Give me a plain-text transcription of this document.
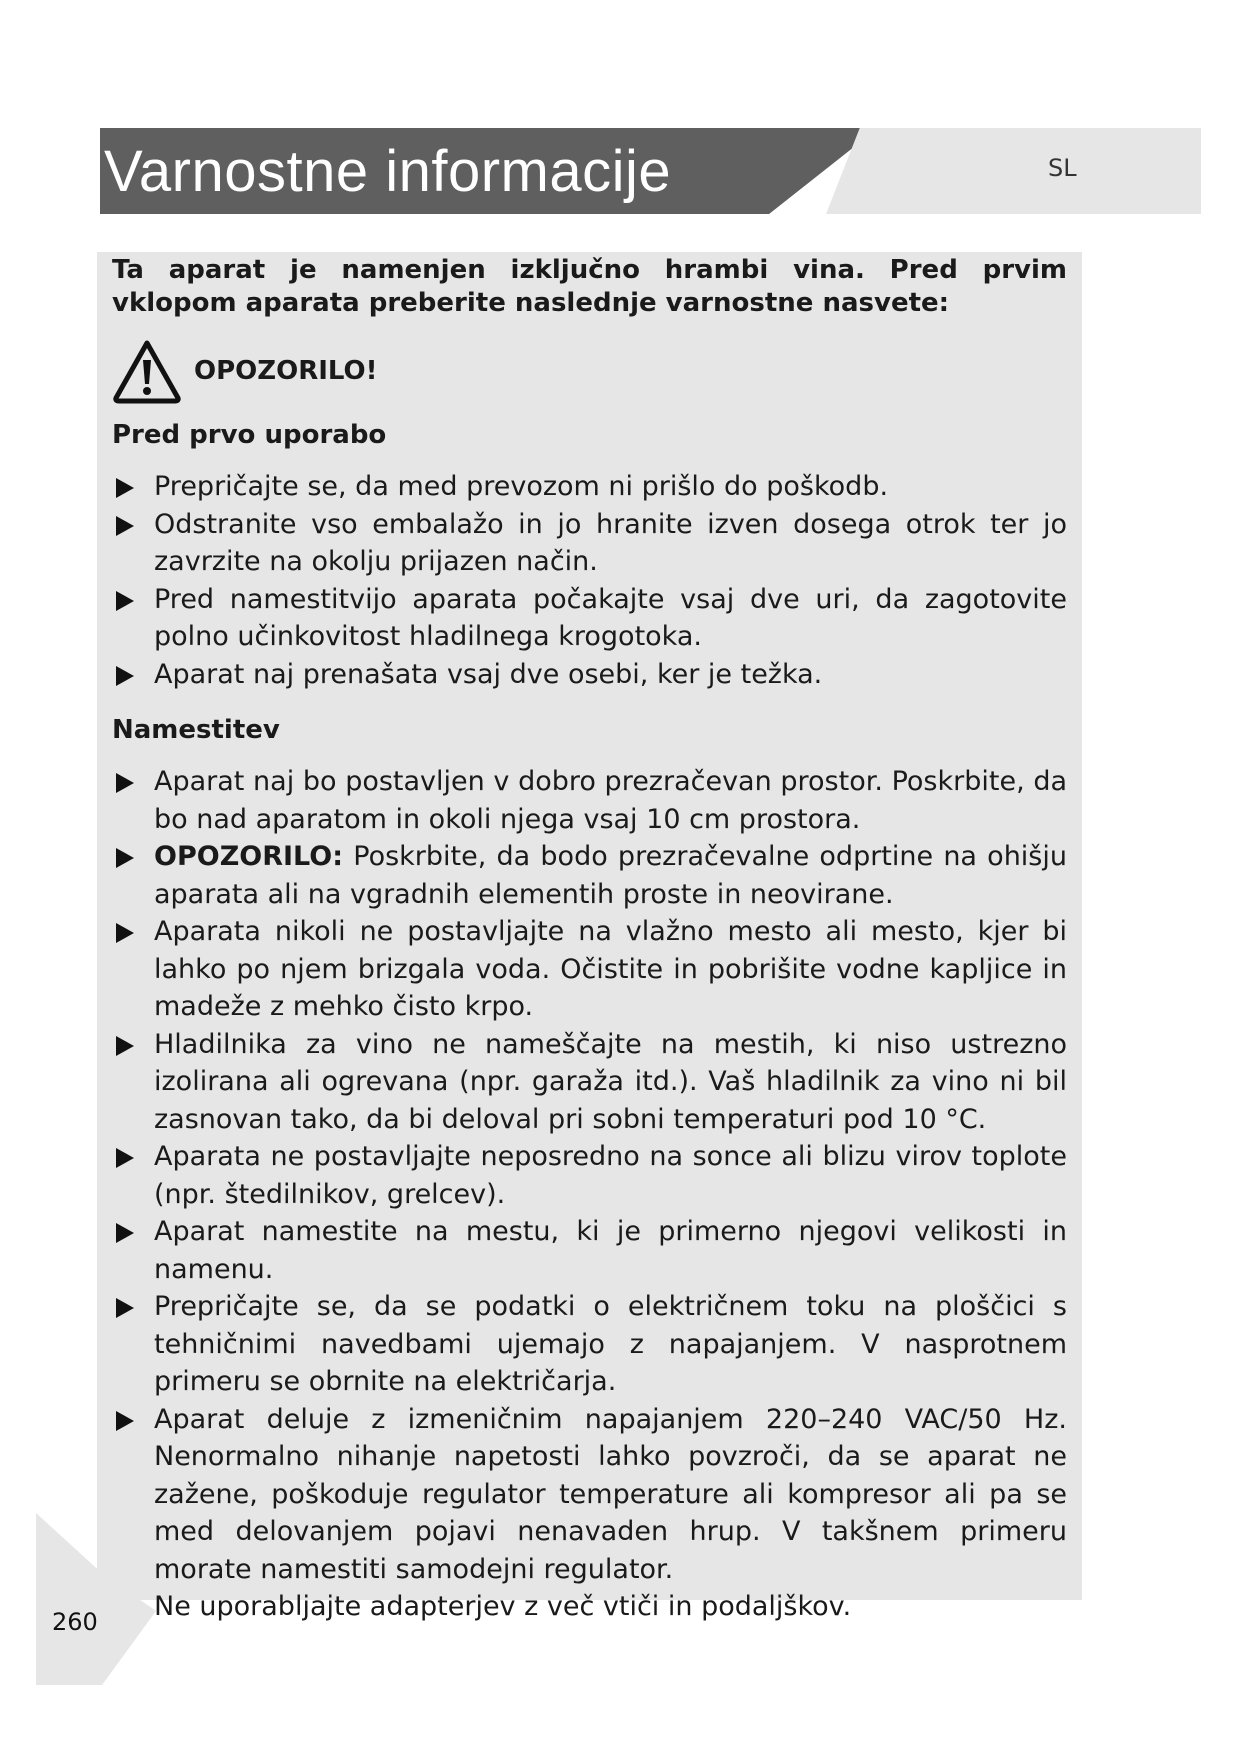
Varnostne informacije	SL

Ta aparat je namenjen izključno hrambi vina. Pred prvim vklopom aparata preberite naslednje varnostne nasvete:

OPOZORILO!
Pred prvo uporabo
Prepričajte se, da med prevozom ni prišlo do poškodb.
Odstranite vso embalažo in jo hranite izven dosega otrok ter jo zavrzite na okolju prijazen način.
Pred namestitvijo aparata počakajte vsaj dve uri, da zagotovite polno učinkovitost hladilnega krogotoka.
Aparat naj prenašata vsaj dve osebi, ker je težka.
Namestitev
Aparat naj bo postavljen v dobro prezračevan prostor. Poskrbite, da bo nad aparatom in okoli njega vsaj 10 cm prostora.
OPOZORILO: Poskrbite, da bodo prezračevalne odprtine na ohišju aparata ali na vgradnih elementih proste in neovirane.
Aparata nikoli ne postavljajte na vlažno mesto ali mesto, kjer bi lahko po njem brizgala voda. Očistite in pobrišite vodne kapljice in madeže z mehko čisto krpo.
Hladilnika za vino ne nameščajte na mestih, ki niso ustrezno izolirana ali ogrevana (npr. garaža itd.). Vaš hladilnik za vino ni bil zasnovan tako, da bi deloval pri sobni temperaturi pod 10 °C.
Aparata ne postavljajte neposredno na sonce ali blizu virov toplote (npr. štedilnikov, grelcev).
Aparat namestite na mestu, ki je primerno njegovi velikosti in namenu.
Prepričajte se, da se podatki o električnem toku na ploščici s tehničnimi navedbami ujemajo z napajanjem. V nasprotnem primeru se obrnite na električarja.
Aparat deluje z izmeničnim napajanjem 220–240 VAC/50 Hz. Nenormalno nihanje napetosti lahko povzroči, da se aparat ne zažene, poškoduje regulator temperature ali kompresor ali pa se med delovanjem pojavi nenavaden hrup. V takšnem primeru morate namestiti samodejni regulator.
Ne uporabljajte adapterjev z več vtiči in podaljškov.
260
